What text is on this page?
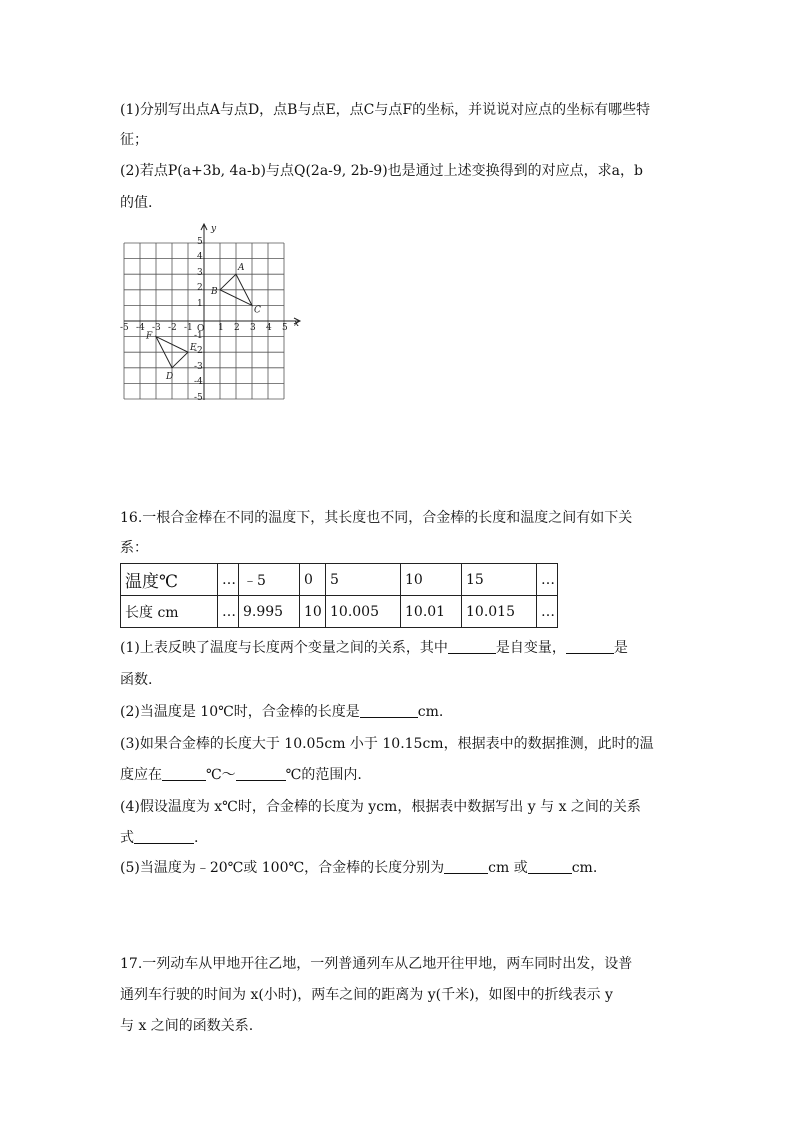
(1)分别写出点A与点D，点B与点E，点C与点F的坐标，并说说对应点的坐标有哪些特
征；
(2)若点P(a+3b, 4a-b)与点Q(2a-9, 2b-9)也是通过上述变换得到的对应点，求a，b
的值.
x
y
O
-5 -4 -3 -2 -1	1 2 3 4 5
5
4
3
2
1
-1
-2
-3
-4
-5
A
B
C
D
E
F
16.一根合金棒在不同的温度下，其长度也不同，合金棒的长度和温度之间有如下关
系：
温度℃	…	﹣5	0	5	10	15	…
长度 cm	…	9.995	10	10.005	10.01	10.015	…
(1)上表反映了温度与长度两个变量之间的关系，其中	是自变量，	是
函数.
(2)当温度是 10℃时，合金棒的长度是	cm.
(3)如果合金棒的长度大于 10.05cm 小于 10.15cm，根据表中的数据推测，此时的温
度应在	℃～	℃的范围内.
(4)假设温度为 x℃时，合金棒的长度为 ycm，根据表中数据写出 y 与 x 之间的关系
式	.
(5)当温度为﹣20℃或 100℃，合金棒的长度分别为	cm 或	cm.
17.一列动车从甲地开往乙地，一列普通列车从乙地开往甲地，两车同时出发，设普
通列车行驶的时间为 x(小时)，两车之间的距离为 y(千米)，如图中的折线表示 y
与 x 之间的函数关系.
